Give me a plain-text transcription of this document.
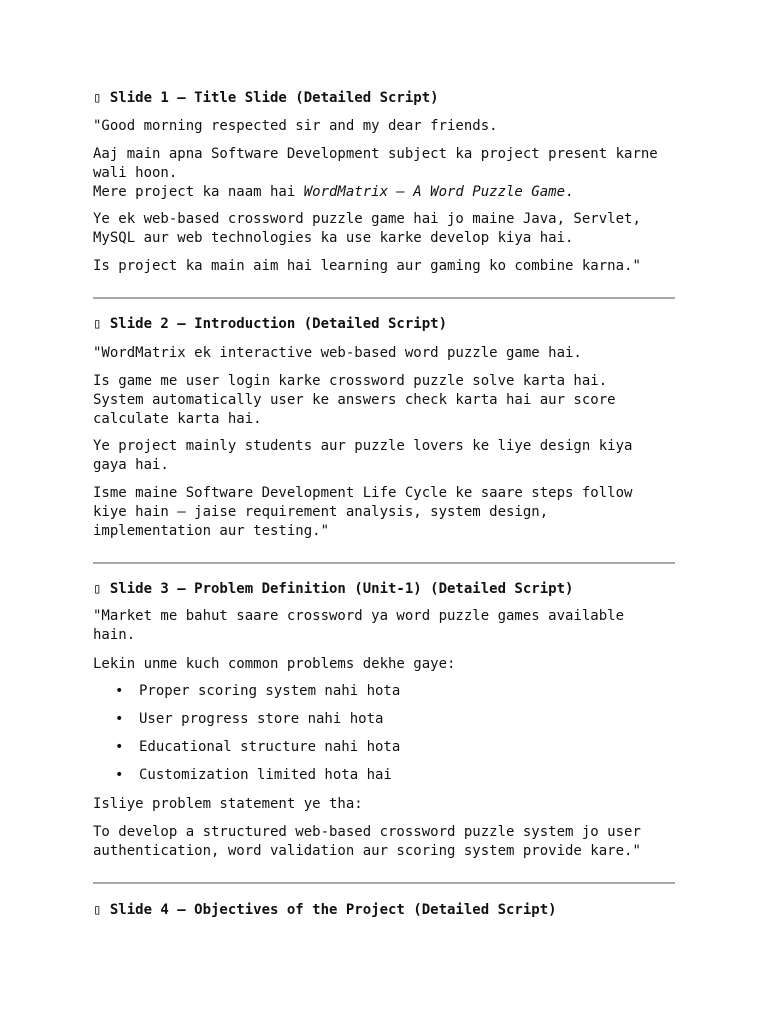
▯ Slide 1 – Title Slide (Detailed Script)

"Good morning respected sir and my dear friends.

Aaj main apna Software Development subject ka project present karne
wali hoon.
Mere project ka naam hai WordMatrix – A Word Puzzle Game.
Ye ek web-based crossword puzzle game hai jo maine Java, Servlet,
MySQL aur web technologies ka use karke develop kiya hai.

Is project ka main aim hai learning aur gaming ko combine karna."

▯ Slide 2 – Introduction (Detailed Script)

"WordMatrix ek interactive web-based word puzzle game hai.

Is game me user login karke crossword puzzle solve karta hai.
System automatically user ke answers check karta hai aur score
calculate karta hai.
Ye project mainly students aur puzzle lovers ke liye design kiya
gaya hai.
Isme maine Software Development Life Cycle ke saare steps follow
kiye hain — jaise requirement analysis, system design,
implementation aur testing."
▯ Slide 3 – Problem Definition (Unit-1) (Detailed Script)
"Market me bahut saare crossword ya word puzzle games available
hain.

Lekin unme kuch common problems dekhe gaye:

• Proper scoring system nahi hota
• User progress store nahi hota
• Educational structure nahi hota
• Customization limited hota hai

Isliye problem statement ye tha:

To develop a structured web-based crossword puzzle system jo user
authentication, word validation aur scoring system provide kare."
▯ Slide 4 – Objectives of the Project (Detailed Script)
